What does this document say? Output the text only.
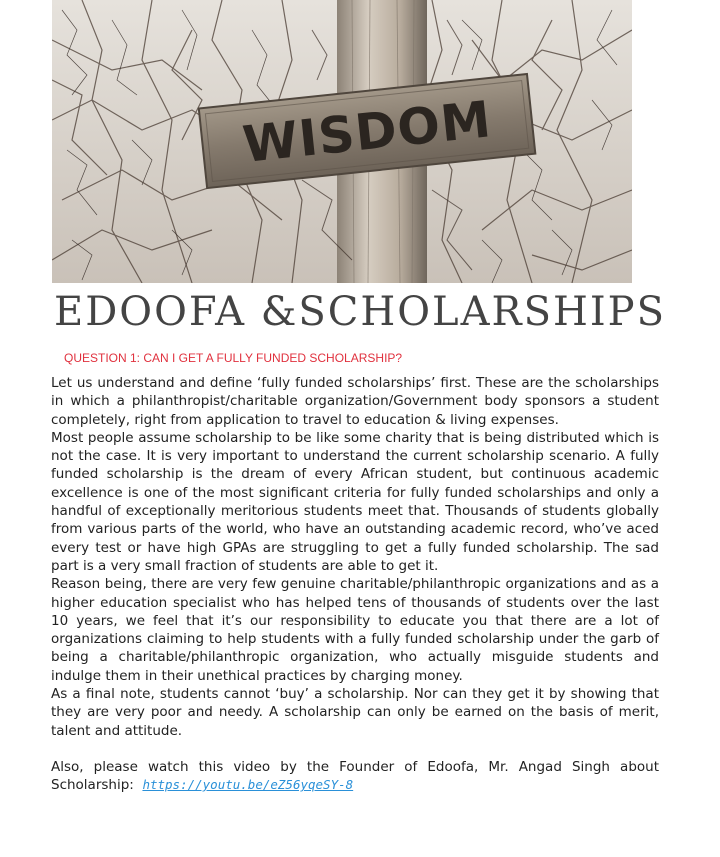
WISDOM
EDOOFA &SCHOLARSHIPS
QUESTION 1: CAN I GET A FULLY FUNDED SCHOLARSHIP?

Let us understand and define ‘fully funded scholarships’ first. These are the scholarships in which a philanthropist/charitable organization/Government body sponsors a student completely, right from application to travel to education & living expenses.

Most people assume scholarship to be like some charity that is being distributed which is not the case. It is very important to understand the current scholarship scenario. A fully funded scholarship is the dream of every African student, but continuous academic excellence is one of the most significant criteria for fully funded scholarships and only a handful of exceptionally meritorious students meet that. Thousands of students globally from various parts of the world, who have an outstanding academic record, who’ve aced every test or have high GPAs are struggling to get a fully funded scholarship. The sad part is a very small fraction of students are able to get it.

Reason being, there are very few genuine charitable/philanthropic organizations and as a higher education specialist who has helped tens of thousands of students over the last 10 years, we feel that it’s our responsibility to educate you that there are a lot of organizations claiming to help students with a fully funded scholarship under the garb of being a charitable/philanthropic organization, who actually misguide students and indulge them in their unethical practices by charging money.

As a final note, students cannot ‘buy’ a scholarship. Nor can they get it by showing that they are very poor and needy. A scholarship can only be earned on the basis of merit, talent and attitude.

Also, please watch this video by the Founder of Edoofa, Mr. Angad Singh about Scholarship: https://youtu.be/eZ56yqeSY-8
